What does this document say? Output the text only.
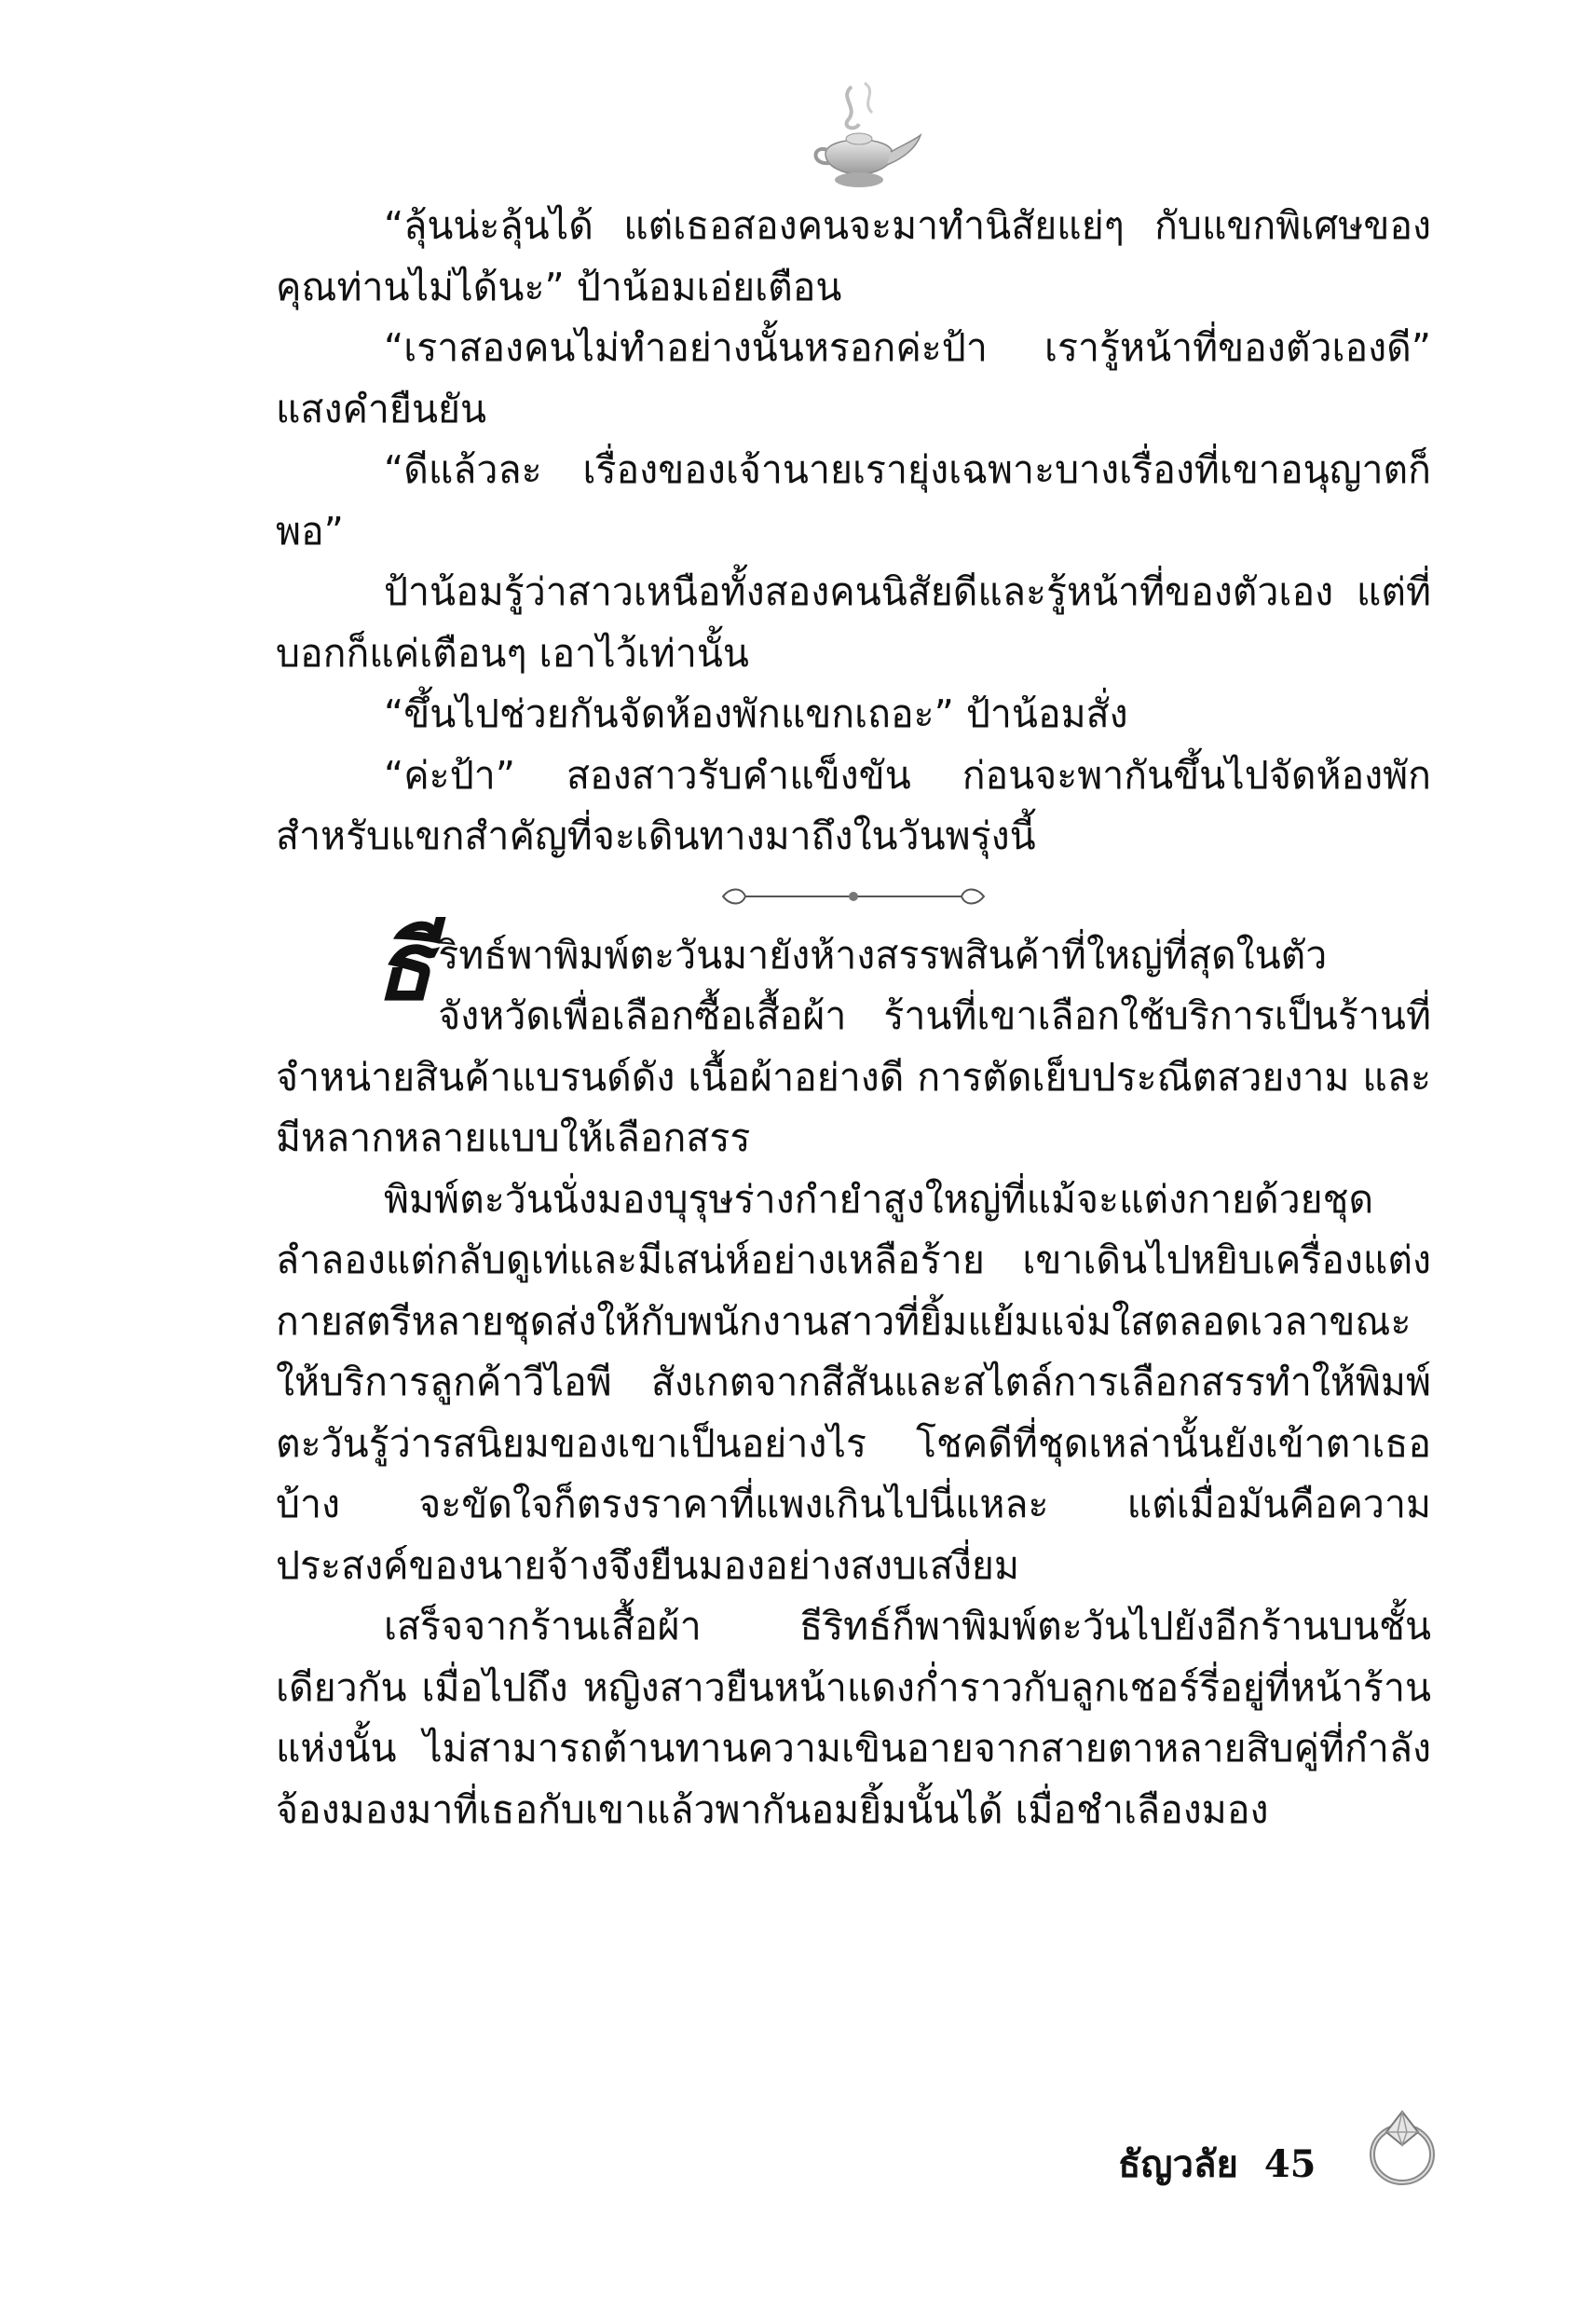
“ลุ้นน่ะลุ้นได้ แต่เธอสองคนจะมาทำนิสัยแย่ๆ กับแขกพิเศษของคุณท่านไม่ได้นะ” ป้าน้อมเอ่ยเตือน

“เราสองคนไม่ทำอย่างนั้นหรอกค่ะป้า เรารู้หน้าที่ของตัวเองดี” แสงคำยืนยัน

“ดีแล้วละ เรื่องของเจ้านายเรายุ่งเฉพาะบางเรื่องที่เขาอนุญาตก็พอ”

ป้าน้อมรู้ว่าสาวเหนือทั้งสองคนนิสัยดีและรู้หน้าที่ของตัวเอง แต่ที่บอกก็แค่เตือนๆ เอาไว้เท่านั้น

“ขึ้นไปช่วยกันจัดห้องพักแขกเถอะ” ป้าน้อมสั่ง

“ค่ะป้า” สองสาวรับคำแข็งขัน ก่อนจะพากันขึ้นไปจัดห้องพักสำหรับแขกสำคัญที่จะเดินทางมาถึงในวันพรุ่งนี้

ธีริทธ์พาพิมพ์ตะวันมายังห้างสรรพสินค้าที่ใหญ่ที่สุดในตัวจังหวัดเพื่อเลือกซื้อเสื้อผ้า ร้านที่เขาเลือกใช้บริการเป็นร้านที่จำหน่ายสินค้าแบรนด์ดัง เนื้อผ้าอย่างดี การตัดเย็บประณีตสวยงาม และมีหลากหลายแบบให้เลือกสรร

พิมพ์ตะวันนั่งมองบุรุษร่างกำยำสูงใหญ่ที่แม้จะแต่งกายด้วยชุดลำลองแต่กลับดูเท่และมีเสน่ห์อย่างเหลือร้าย เขาเดินไปหยิบเครื่องแต่งกายสตรีหลายชุดส่งให้กับพนักงานสาวที่ยิ้มแย้มแจ่มใสตลอดเวลาขณะให้บริการลูกค้าวีไอพี สังเกตจากสีสันและสไตล์การเลือกสรรทำให้พิมพ์ตะวันรู้ว่ารสนิยมของเขาเป็นอย่างไร โชคดีที่ชุดเหล่านั้นยังเข้าตาเธอบ้าง จะขัดใจก็ตรงราคาที่แพงเกินไปนี่แหละ แต่เมื่อมันคือความประสงค์ของนายจ้างจึงยืนมองอย่างสงบเสงี่ยม

เสร็จจากร้านเสื้อผ้า ธีริทธ์ก็พาพิมพ์ตะวันไปยังอีกร้านบนชั้นเดียวกัน เมื่อไปถึง หญิงสาวยืนหน้าแดงก่ำราวกับลูกเชอร์รี่อยู่ที่หน้าร้านแห่งนั้น ไม่สามารถต้านทานความเขินอายจากสายตาหลายสิบคู่ที่กำลังจ้องมองมาที่เธอกับเขาแล้วพากันอมยิ้มนั้นได้ เมื่อชำเลืองมอง

ธัญวลัย 45
